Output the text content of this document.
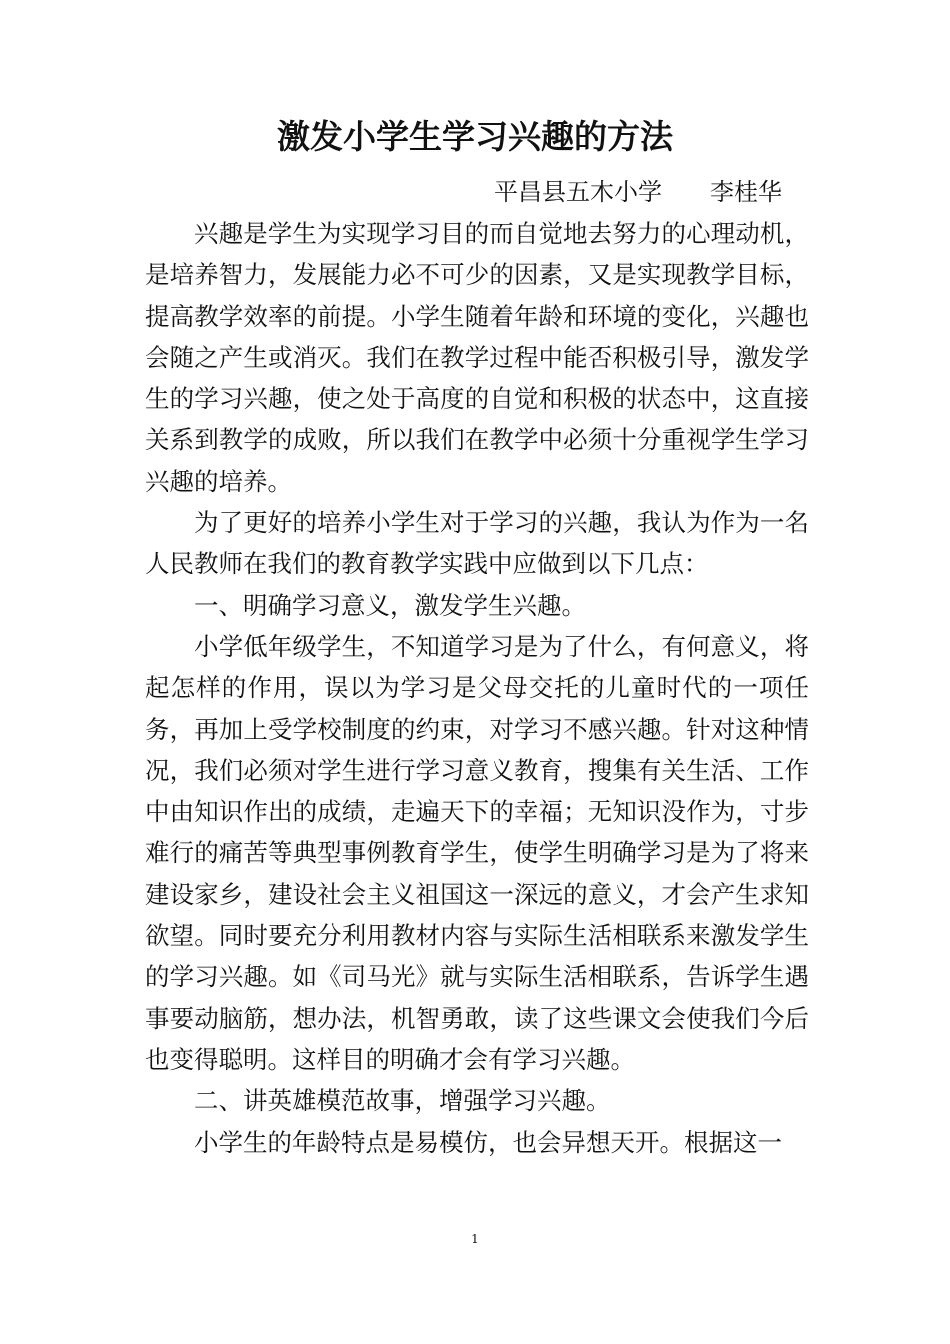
激发小学生学习兴趣的方法
平昌县五木小学　　李桂华

兴趣是学生为实现学习目的而自觉地去努力的心理动机，是培养智力，发展能力必不可少的因素，又是实现教学目标，提高教学效率的前提。小学生随着年龄和环境的变化，兴趣也会随之产生或消灭。我们在教学过程中能否积极引导，激发学生的学习兴趣，使之处于高度的自觉和积极的状态中，这直接关系到教学的成败，所以我们在教学中必须十分重视学生学习兴趣的培养。

为了更好的培养小学生对于学习的兴趣，我认为作为一名人民教师在我们的教育教学实践中应做到以下几点：

一、明确学习意义，激发学生兴趣。

小学低年级学生，不知道学习是为了什么，有何意义，将起怎样的作用，误以为学习是父母交托的儿童时代的一项任务，再加上受学校制度的约束，对学习不感兴趣。针对这种情况，我们必须对学生进行学习意义教育，搜集有关生活、工作中由知识作出的成绩，走遍天下的幸福；无知识没作为，寸步难行的痛苦等典型事例教育学生，使学生明确学习是为了将来建设家乡，建设社会主义祖国这一深远的意义，才会产生求知欲望。同时要充分利用教材内容与实际生活相联系来激发学生的学习兴趣。如《司马光》就与实际生活相联系，告诉学生遇事要动脑筋，想办法，机智勇敢，读了这些课文会使我们今后也变得聪明。这样目的明确才会有学习兴趣。

二、讲英雄模范故事，增强学习兴趣。

小学生的年龄特点是易模仿，也会异想天开。根据这一

1
